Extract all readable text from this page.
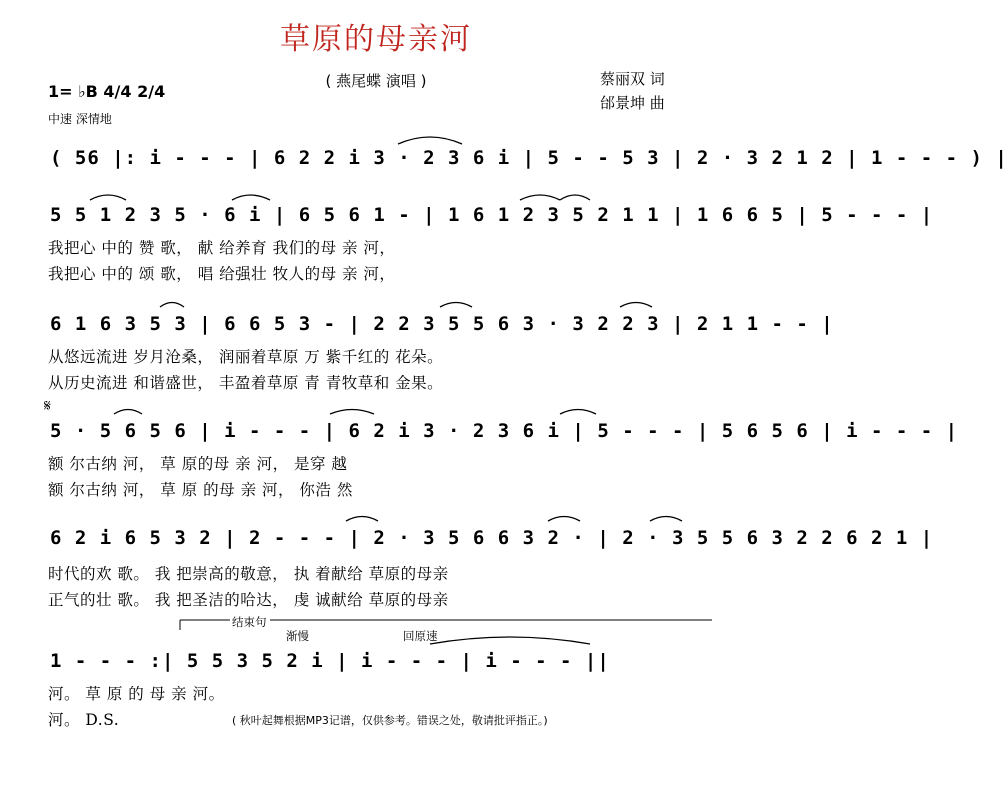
草原的母亲河
( 燕尾蝶 演唱 )	蔡丽双 词
邰景坤 曲
1= ♭B 4/4 2/4
中速 深情地
( 56 |: i - - - | 6 2 2 i 3 · 2 3 6 i | 5 - - 5 3 | 2 · 3 2 1 2 | 1 - - - ) |
5 5 1 2 3 5 · 6 i | 6 5 6 1 - | 1 6 1 2 3 5 2 1 1 | 1 6 6 5 | 5 - - - |
我把心 中的 赞 歌， 献 给养育 我们的母 亲 河，
我把心 中的 颂 歌， 唱 给强壮 牧人的母 亲 河，
6 1 6 3 5 3 | 6 6 5 3 - | 2 2 3 5 5 6 3 · 3 2 2 3 | 2 1 1 - - |
从悠远流进 岁月沧桑， 润丽着草原 万 紫千红的 花朵。
从历史流进 和谐盛世， 丰盈着草原 青 青牧草和 金果。
𝄋
5 · 5 6 5 6 | i - - - | 6 2 i 3 · 2 3 6 i | 5 - - - | 5 6 5 6 | i - - - |
额 尔古纳 河， 草 原的母 亲 河， 是穿 越
额 尔古纳 河， 草 原 的母 亲 河， 你浩 然
6 2 i 6 5 3 2 | 2 - - - | 2 · 3 5 6 6 3 2 · | 2 · 3 5 5 6 3 2 2 6 2 1 |
时代的欢 歌。 我 把崇高的敬意， 执 着献给 草原的母亲
正气的壮 歌。 我 把圣洁的哈达， 虔 诚献给 草原的母亲
结束句
渐慢	回原速
1 - - - :| 5 5 3 5 2 i | i - - - | i - - - ||
河。 草 原 的 母 亲 河。
河。 D.S.	( 秋叶起舞根据MP3记谱，仅供参考。错误之处，敬请批评指正。)
